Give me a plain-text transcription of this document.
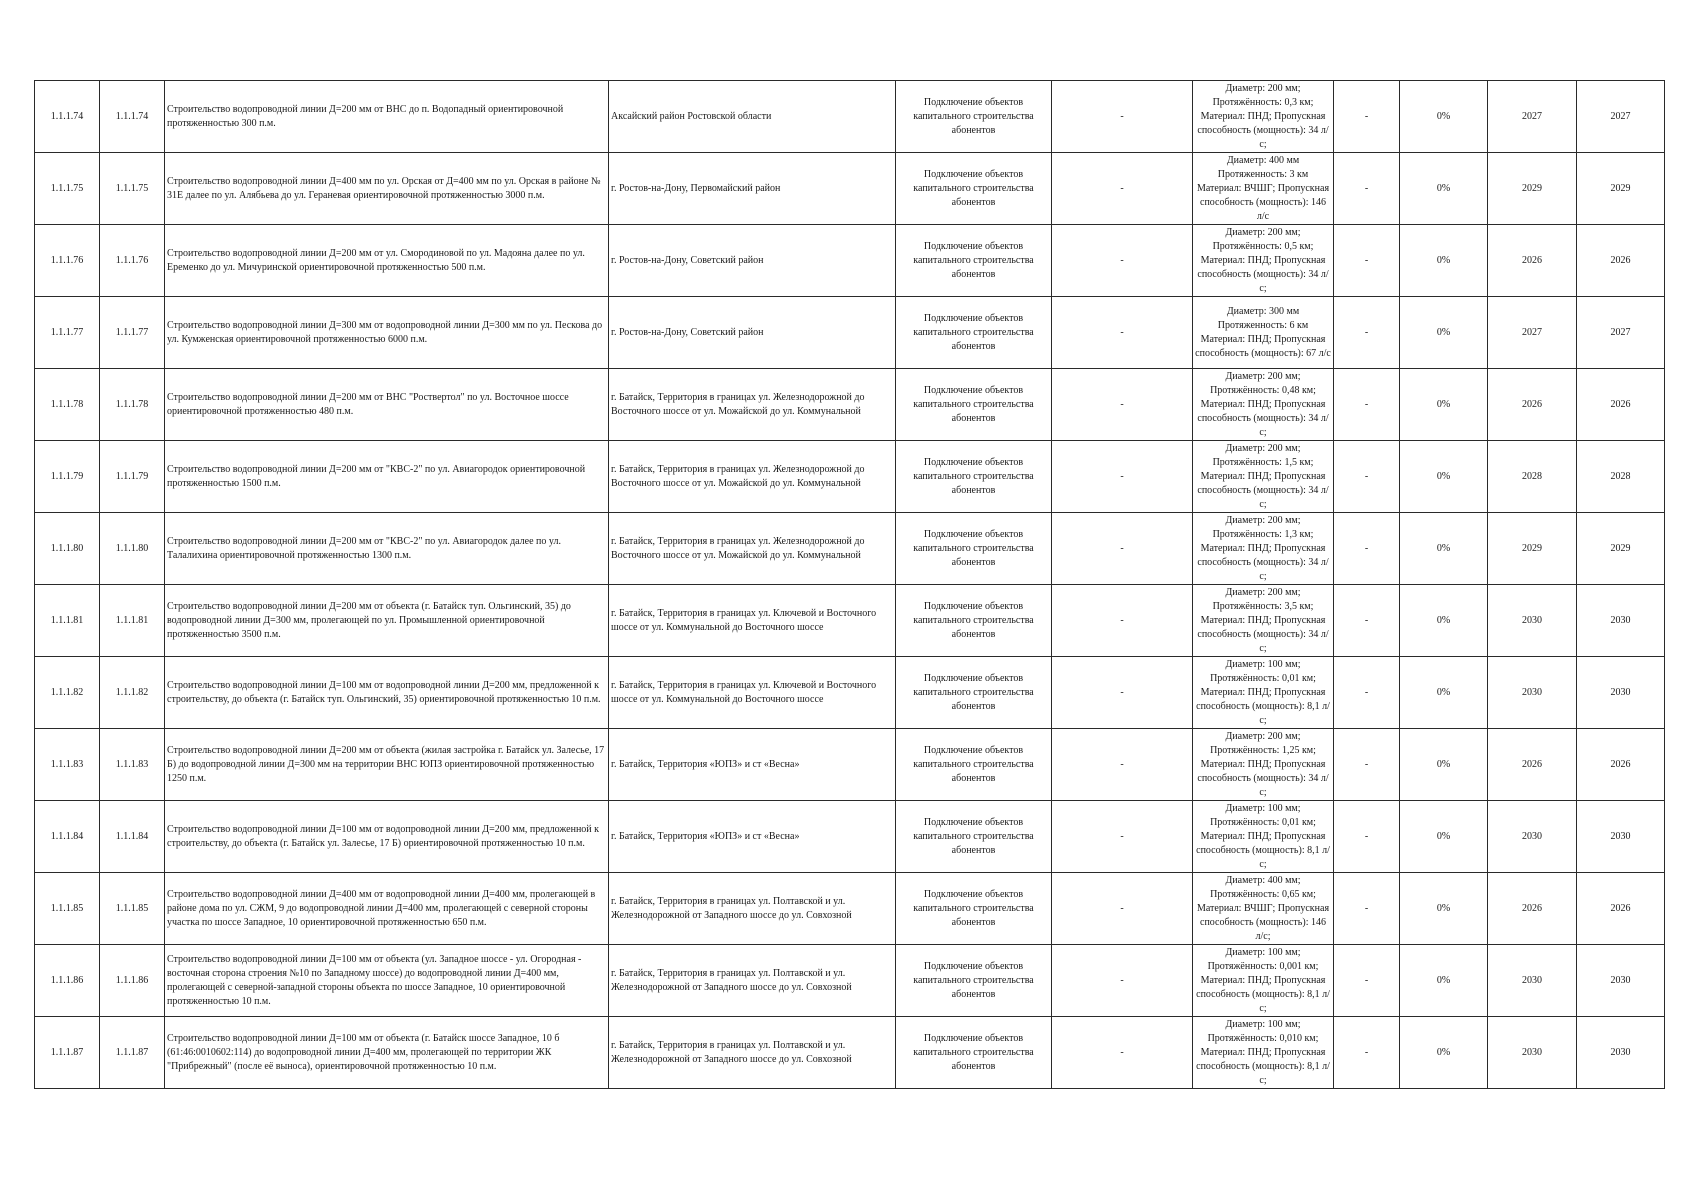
1.1.1.74	1.1.1.74	Строительство водопроводной линии Д=200 мм от ВНС до п. Водопадный ориентировочной протяженностью 300 п.м.	Аксайский район Ростовской области	Подключение объектов капитального строительства абонентов	-	Диаметр: 200 мм; Протяжённость: 0,3 км; Материал: ПНД; Пропускная способность (мощность): 34 л/с;	-	0%	2027	2027
1.1.1.75	1.1.1.75	Строительство водопроводной линии Д=400 мм по ул. Орская от Д=400 мм по ул. Орская в районе № 31Е далее по ул. Алябьева до ул. Гераневая ориентировочной протяженностью 3000 п.м.	г. Ростов-на-Дону, Первомайский район	Подключение объектов капитального строительства абонентов	-	Диаметр: 400 мм Протяженность: 3 км Материал: ВЧШГ; Пропускная способность (мощность): 146 л/с	-	0%	2029	2029
1.1.1.76	1.1.1.76	Строительство водопроводной линии Д=200 мм от ул. Смородиновой по ул. Мадояна далее по ул. Еременко до ул. Мичуринской ориентировочной протяженностью 500 п.м.	г. Ростов-на-Дону, Советский район	Подключение объектов капитального строительства абонентов	-	Диаметр: 200 мм; Протяжённость: 0,5 км; Материал: ПНД; Пропускная способность (мощность): 34 л/с;	-	0%	2026	2026
1.1.1.77	1.1.1.77	Строительство водопроводной линии Д=300 мм от водопроводной линии Д=300 мм по ул. Пескова до ул. Кумженская ориентировочной протяженностью 6000 п.м.	г. Ростов-на-Дону, Советский район	Подключение объектов капитального строительства абонентов	-	Диаметр: 300 мм Протяженность: 6 км Материал: ПНД; Пропускная способность (мощность): 67 л/с	-	0%	2027	2027
1.1.1.78	1.1.1.78	Строительство водопроводной линии Д=200 мм от ВНС "Роствертол" по ул. Восточное шоссе ориентировочной протяженностью 480 п.м.	г. Батайск, Территория в границах ул. Железнодорожной до Восточного шоссе от ул. Можайской до ул. Коммунальной	Подключение объектов капитального строительства абонентов	-	Диаметр: 200 мм; Протяжённость: 0,48 км; Материал: ПНД; Пропускная способность (мощность): 34 л/с;	-	0%	2026	2026
1.1.1.79	1.1.1.79	Строительство водопроводной линии Д=200 мм от "КВС-2" по ул. Авиагородок ориентировочной протяженностью 1500 п.м.	г. Батайск, Территория в границах ул. Железнодорожной до Восточного шоссе от ул. Можайской до ул. Коммунальной	Подключение объектов капитального строительства абонентов	-	Диаметр: 200 мм; Протяжённость: 1,5 км; Материал: ПНД; Пропускная способность (мощность): 34 л/с;	-	0%	2028	2028
1.1.1.80	1.1.1.80	Строительство водопроводной линии Д=200 мм от "КВС-2" по ул. Авиагородок далее по ул. Талалихина ориентировочной протяженностью 1300 п.м.	г. Батайск, Территория в границах ул. Железнодорожной до Восточного шоссе от ул. Можайской до ул. Коммунальной	Подключение объектов капитального строительства абонентов	-	Диаметр: 200 мм; Протяжённость: 1,3 км; Материал: ПНД; Пропускная способность (мощность): 34 л/с;	-	0%	2029	2029
1.1.1.81	1.1.1.81	Строительство водопроводной линии Д=200 мм от объекта (г. Батайск туп. Ольгинский, 35) до водопроводной линии Д=300 мм, пролегающей по ул. Промышленной ориентировочной протяженностью 3500 п.м.	г. Батайск, Территория в границах ул. Ключевой и Восточного шоссе от ул. Коммунальной до Восточного шоссе	Подключение объектов капитального строительства абонентов	-	Диаметр: 200 мм; Протяжённость: 3,5 км; Материал: ПНД; Пропускная способность (мощность): 34 л/с;	-	0%	2030	2030
1.1.1.82	1.1.1.82	Строительство водопроводной линии Д=100 мм от водопроводной линии Д=200 мм, предложенной к строительству, до объекта (г. Батайск туп. Ольгинский, 35) ориентировочной протяженностью 10 п.м.	г. Батайск, Территория в границах ул. Ключевой и Восточного шоссе от ул. Коммунальной до Восточного шоссе	Подключение объектов капитального строительства абонентов	-	Диаметр: 100 мм; Протяжённость: 0,01 км; Материал: ПНД; Пропускная способность (мощность): 8,1 л/с;	-	0%	2030	2030
1.1.1.83	1.1.1.83	Строительство водопроводной линии Д=200 мм от объекта (жилая застройка г. Батайск ул. Залесье, 17 Б) до водопроводной линии Д=300 мм на территории ВНС ЮПЗ ориентировочной протяженностью 1250 п.м.	г. Батайск, Территория «ЮПЗ» и ст «Весна»	Подключение объектов капитального строительства абонентов	-	Диаметр: 200 мм; Протяжённость: 1,25 км; Материал: ПНД; Пропускная способность (мощность): 34 л/с;	-	0%	2026	2026
1.1.1.84	1.1.1.84	Строительство водопроводной линии Д=100 мм от водопроводной линии Д=200 мм, предложенной к строительству, до объекта (г. Батайск ул. Залесье, 17 Б) ориентировочной протяженностью 10 п.м.	г. Батайск, Территория «ЮПЗ» и ст «Весна»	Подключение объектов капитального строительства абонентов	-	Диаметр: 100 мм; Протяжённость: 0,01 км; Материал: ПНД; Пропускная способность (мощность): 8,1 л/с;	-	0%	2030	2030
1.1.1.85	1.1.1.85	Строительство водопроводной линии Д=400 мм от водопроводной линии Д=400 мм, пролегающей в районе дома по ул. СЖМ, 9 до водопроводной линии Д=400 мм, пролегающей с северной стороны участка по шоссе Западное, 10 ориентировочной протяженностью 650 п.м.	г. Батайск, Территория в границах ул. Полтавской и ул. Железнодорожной от Западного шоссе до ул. Совхозной	Подключение объектов капитального строительства абонентов	-	Диаметр: 400 мм; Протяжённость: 0,65 км; Материал: ВЧШГ; Пропускная способность (мощность): 146 л/с;	-	0%	2026	2026
1.1.1.86	1.1.1.86	Строительство водопроводной линии Д=100 мм от объекта (ул. Западное шоссе - ул. Огородная - восточная сторона строения №10 по Западному шоссе) до водопроводной линии Д=400 мм, пролегающей с северной-западной стороны объекта по шоссе Западное, 10 ориентировочной протяженностью 10 п.м.	г. Батайск, Территория в границах ул. Полтавской и ул. Железнодорожной от Западного шоссе до ул. Совхозной	Подключение объектов капитального строительства абонентов	-	Диаметр: 100 мм; Протяжённость: 0,001 км; Материал: ПНД; Пропускная способность (мощность): 8,1 л/с;	-	0%	2030	2030
1.1.1.87	1.1.1.87	Строительство водопроводной линии Д=100 мм от объекта (г. Батайск шоссе Западное, 10 б (61:46:0010602:114) до водопроводной линии Д=400 мм, пролегающей по территории ЖК "Прибрежный" (после её выноса), ориентировочной протяженностью 10 п.м.	г. Батайск, Территория в границах ул. Полтавской и ул. Железнодорожной от Западного шоссе до ул. Совхозной	Подключение объектов капитального строительства абонентов	-	Диаметр: 100 мм; Протяжённость: 0,010 км; Материал: ПНД; Пропускная способность (мощность): 8,1 л/с;	-	0%	2030	2030
